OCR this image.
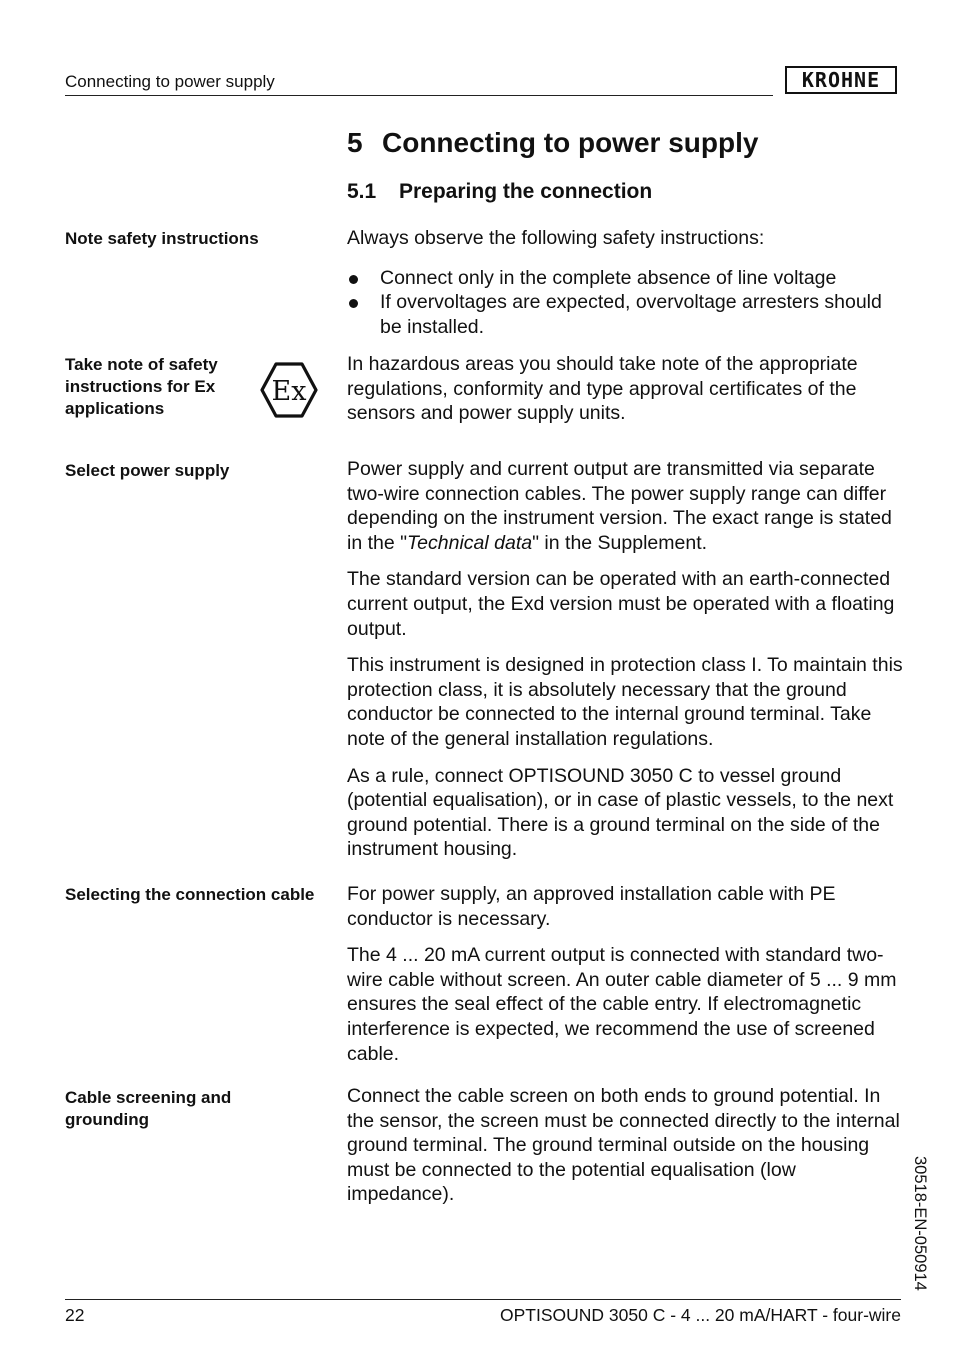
Connecting to power supply	KROHNE
5 Connecting to power supply
5.1 Preparing the connection
Note safety instructions	Always observe the following safety instructions:

Connect only in the complete absence of line voltage
If overvoltages are expected, overvoltage arresters should be installed.
Take note of safety instructions for Ex applications
Ex

In hazardous areas you should take note of the appropriate regulations, conformity and type approval certificates of the sensors and power supply units.

Select power supply	Power supply and current output are transmitted via separate two-wire connection cables. The power supply range can differ depending on the instrument version. The exact range is stated in the "Technical data" in the Supplement.

The standard version can be operated with an earth-connected current output, the Exd version must be operated with a floating output.

This instrument is designed in protection class I. To maintain this protection class, it is absolutely necessary that the ground conductor be connected to the internal ground terminal. Take note of the general installation regulations.

As a rule, connect OPTISOUND 3050 C to vessel ground (potential equalisation), or in case of plastic vessels, to the next ground potential. There is a ground terminal on the side of the instrument housing.

Selecting the connection cable For power supply, an approved installation cable with PE conductor is necessary.

The 4 ... 20 mA current output is connected with standard two-wire cable without screen. An outer cable diameter of 5 ... 9 mm ensures the seal effect of the cable entry. If electromagnetic interference is expected, we recommend the use of screened cable.

Cable screening and grounding

Connect the cable screen on both ends to ground potential. In the sensor, the screen must be connected directly to the internal ground terminal. The ground terminal outside on the housing must be connected to the potential equalisation (low impedance).	30518-EN-050914
22	OPTISOUND 3050 C - 4 ... 20 mA/HART - four-wire
